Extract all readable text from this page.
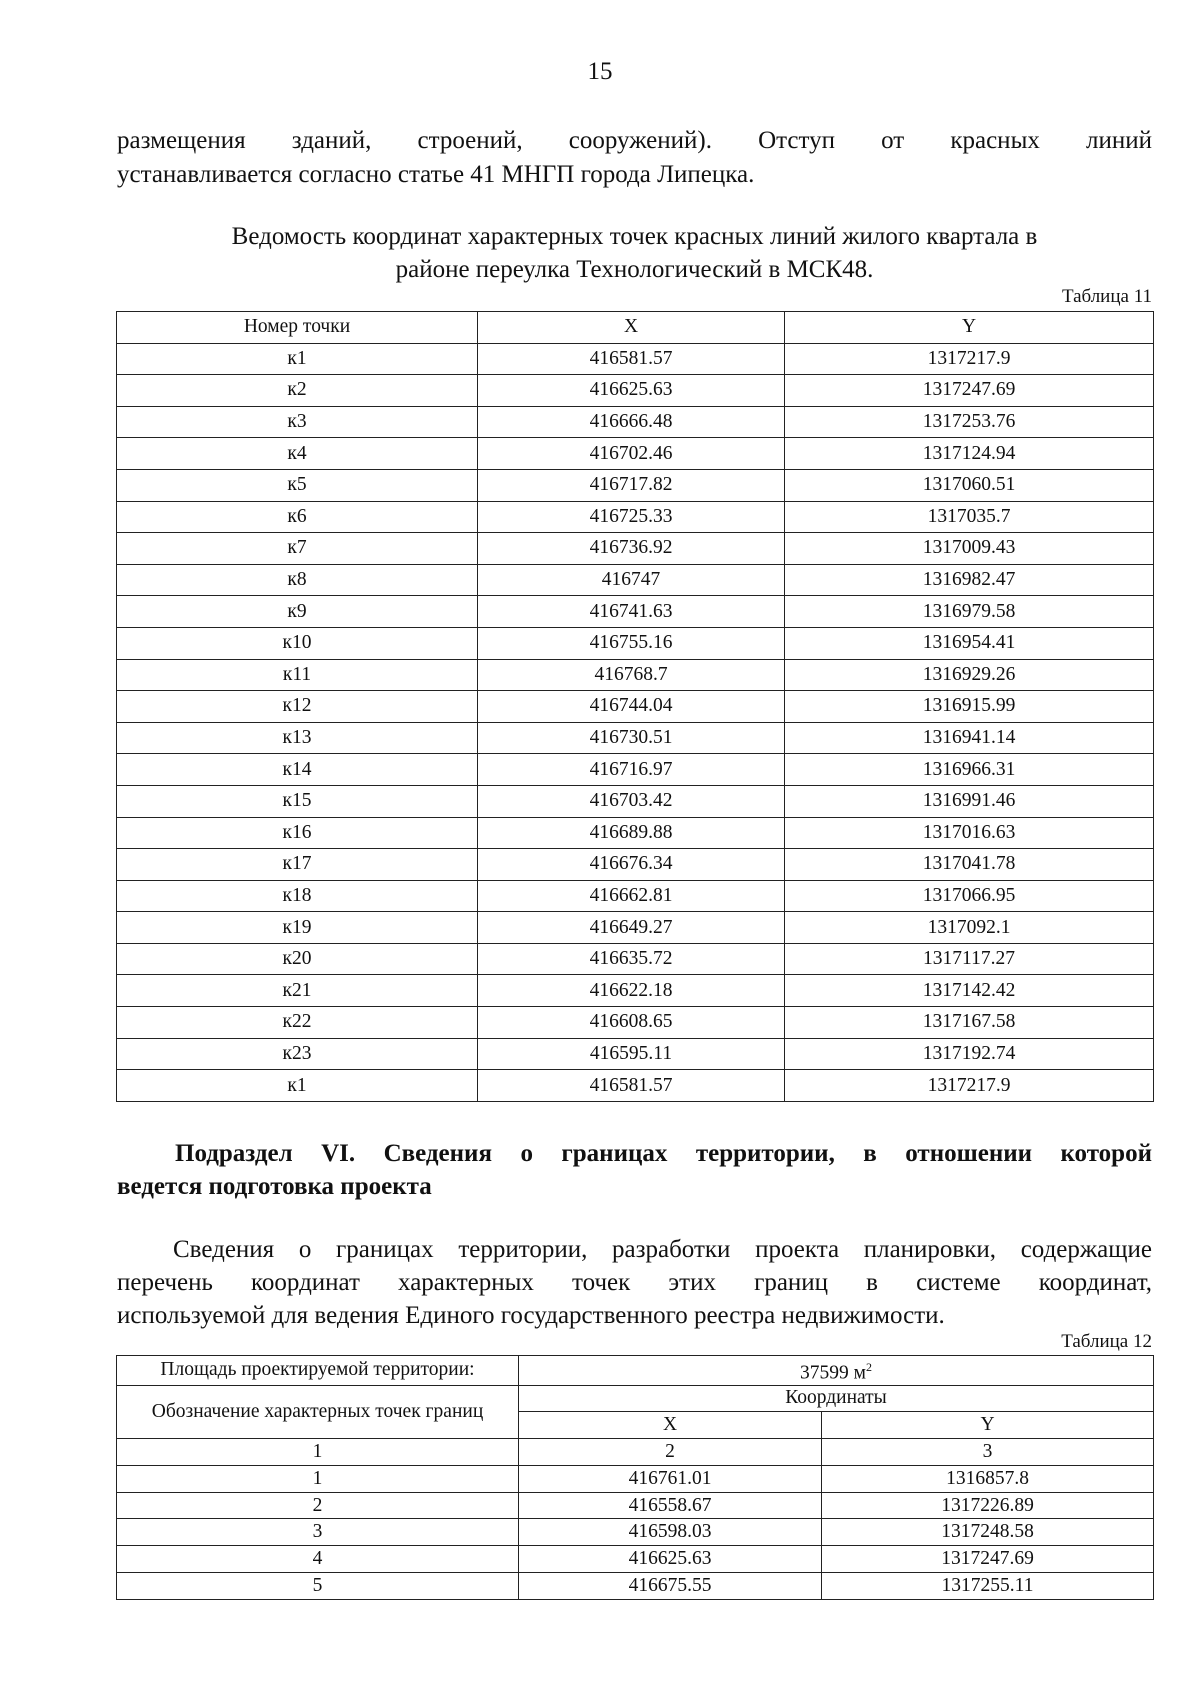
15
размещения зданий, строений, сооружений). Отступ от красных линий
устанавливается согласно статье 41 МНГП города Липецка.
Ведомость координат характерных точек красных линий жилого квартала в
районе переулка Технологический в МСК48.
Таблица 11
Номер точки	X	Y
к1	416581.57	1317217.9
к2	416625.63	1317247.69
к3	416666.48	1317253.76
к4	416702.46	1317124.94
к5	416717.82	1317060.51
к6	416725.33	1317035.7
к7	416736.92	1317009.43
к8	416747	1316982.47
к9	416741.63	1316979.58
к10	416755.16	1316954.41
к11	416768.7	1316929.26
к12	416744.04	1316915.99
к13	416730.51	1316941.14
к14	416716.97	1316966.31
к15	416703.42	1316991.46
к16	416689.88	1317016.63
к17	416676.34	1317041.78
к18	416662.81	1317066.95
к19	416649.27	1317092.1
к20	416635.72	1317117.27
к21	416622.18	1317142.42
к22	416608.65	1317167.58
к23	416595.11	1317192.74
к1	416581.57	1317217.9
Подраздел VI. Сведения о границах территории, в отношении которой
ведется подготовка проекта
Сведения о границах территории, разработки проекта планировки, содержащие
перечень координат характерных точек этих границ в системе координат,
используемой для ведения Единого государственного реестра недвижимости.
Таблица 12
Площадь проектируемой территории:	37599 $м^2$
Обозначение характерных точек границ	Координаты	
	X	Y
1	2	3
1	416761.01	1316857.8
2	416558.67	1317226.89
3	416598.03	1317248.58
4	416625.63	1317247.69
5	416675.55	1317255.11
